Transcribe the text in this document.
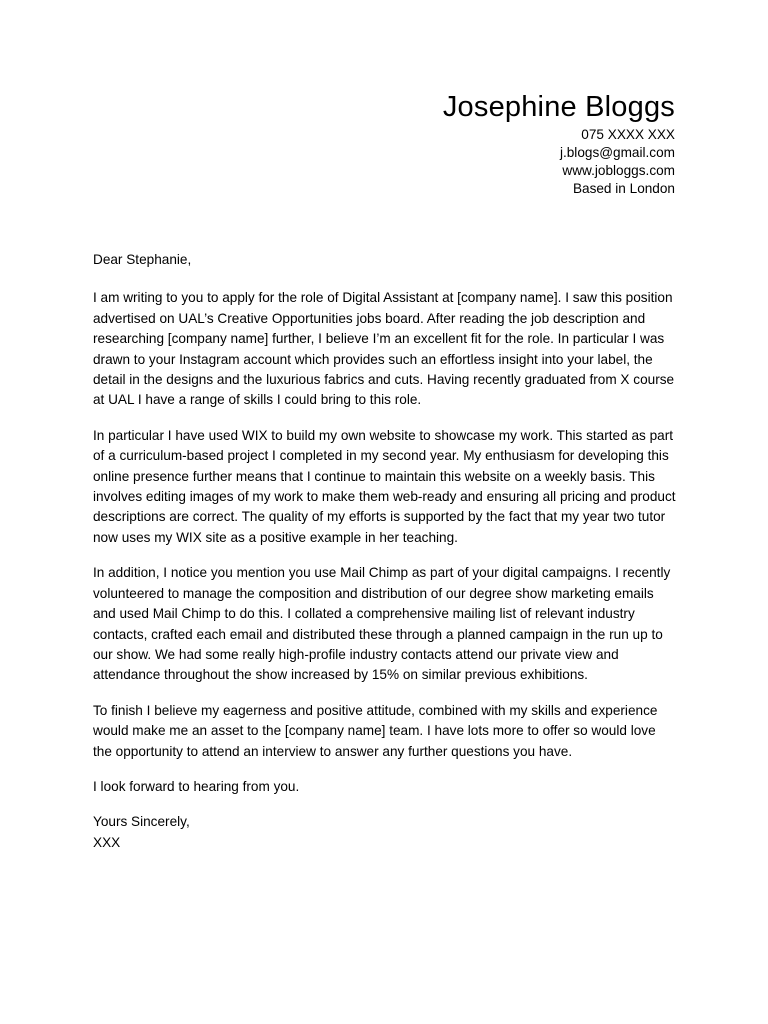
Josephine Bloggs
075 XXXX XXX
j.blogs@gmail.com
www.jobloggs.com
Based in London

Dear Stephanie,

I am writing to you to apply for the role of Digital Assistant at [company name]. I saw this position advertised on UAL’s Creative Opportunities jobs board. After reading the job description and researching [company name] further, I believe I’m an excellent fit for the role. In particular I was drawn to your Instagram account which provides such an effortless insight into your label, the detail in the designs and the luxurious fabrics and cuts. Having recently graduated from X course at UAL I have a range of skills I could bring to this role.

In particular I have used WIX to build my own website to showcase my work. This started as part of a curriculum-based project I completed in my second year. My enthusiasm for developing this online presence further means that I continue to maintain this website on a weekly basis. This involves editing images of my work to make them web-ready and ensuring all pricing and product descriptions are correct. The quality of my efforts is supported by the fact that my year two tutor now uses my WIX site as a positive example in her teaching.

In addition, I notice you mention you use Mail Chimp as part of your digital campaigns. I recently volunteered to manage the composition and distribution of our degree show marketing emails and used Mail Chimp to do this. I collated a comprehensive mailing list of relevant industry contacts, crafted each email and distributed these through a planned campaign in the run up to our show. We had some really high-profile industry contacts attend our private view and attendance throughout the show increased by 15% on similar previous exhibitions.

To finish I believe my eagerness and positive attitude, combined with my skills and experience would make me an asset to the [company name] team. I have lots more to offer so would love the opportunity to attend an interview to answer any further questions you have.

I look forward to hearing from you.

Yours Sincerely,

XXX
